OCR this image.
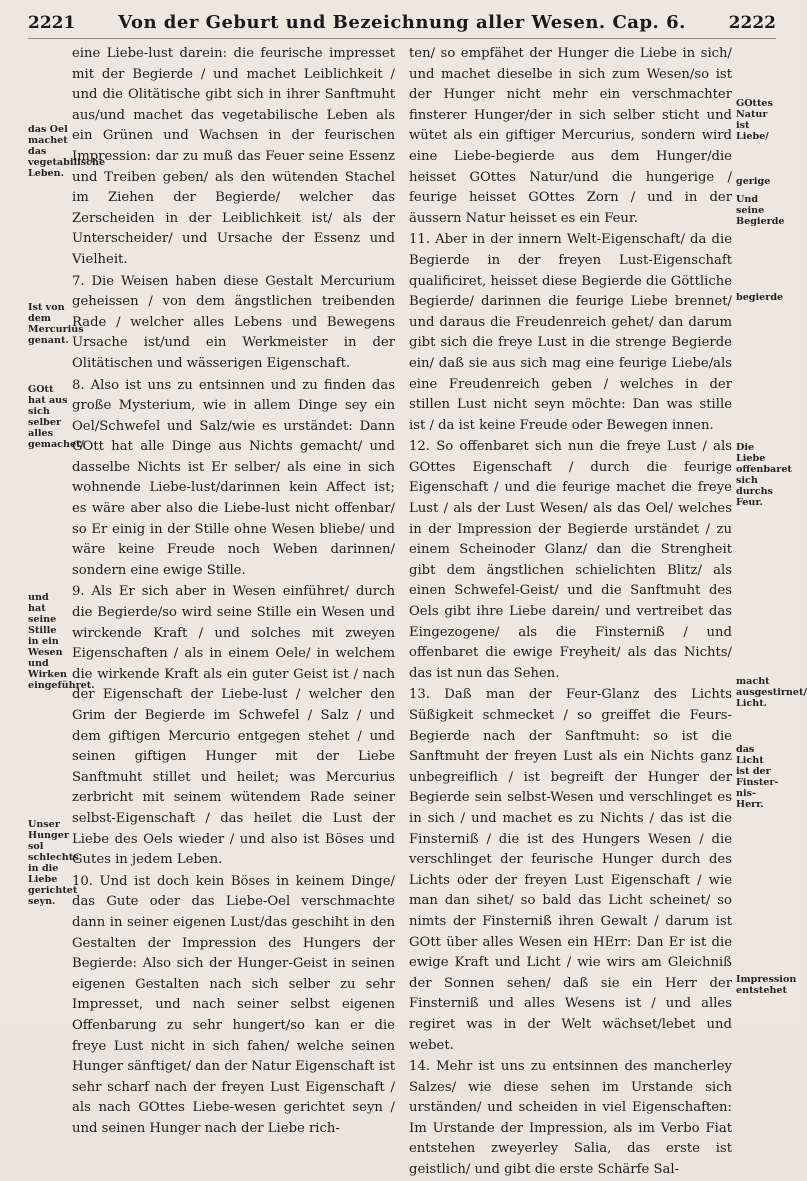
2221 Von der Geburt und Bezeichnung aller Wesen. Cap. 6.	2222

eine Liebe-lust darein: die feurische impresset mit der Begierde / und machet Leiblichkeit / und die Olitätische gibt sich in ihrer Sanftmuht aus/und machet das vegetabilische Leben als ein Grünen und Wachsen in der feurischen Impression: dar zu muß das Feuer seine Essenz und Treiben geben/ als den wütenden Stachel im Ziehen der Begierde/ welcher das Zerscheiden in der Leiblichkeit ist/ als der Unterscheider/ und Ursache der Essenz und Vielheit.

7. Die Weisen haben diese Gestalt Mercurium geheissen / von dem ängstlichen treibenden Rade / welcher alles Lebens und Bewegens Ursache ist/und ein Werkmeister in der Olitätischen und wässerigen Eigenschaft.

8. Also ist uns zu entsinnen und zu finden das große Mysterium, wie in allem Dinge sey ein Oel/Schwefel und Salz/wie es urständet: Dann GOtt hat alle Dinge aus Nichts gemacht/ und dasselbe Nichts ist Er selber/ als eine in sich wohnende Liebe-lust/darinnen kein Affect ist; es wäre aber also die Liebe-lust nicht offenbar/ so Er einig in der Stille ohne Wesen bliebe/ und wäre keine Freude noch Weben darinnen/ sondern eine ewige Stille.

9. Als Er sich aber in Wesen einführet/ durch die Begierde/so wird seine Stille ein Wesen und wirckende Kraft / und solches mit zweyen Eigenschaften / als in einem Oele/ in welchem die wirkende Kraft als ein guter Geist ist / nach der Eigenschaft der Liebe-lust / welcher den Grim der Begierde im Schwefel / Salz / und dem giftigen Mercurio entgegen stehet / und seinen giftigen Hunger mit der Liebe Sanftmuht stillet und heilet; was Mercurius zerbricht mit seinem wütendem Rade seiner selbst-Eigenschaft / das heilet die Lust der Liebe des Oels wieder / und also ist Böses und Gutes in jedem Leben.

10. Und ist doch kein Böses in keinem Dinge/ das Gute oder das Liebe-Oel verschmachte dann in seiner eigenen Lust/das geschiht in den Gestalten der Impression des Hungers der Begierde: Also sich der Hunger-Geist in seinen eigenen Gestalten nach sich selber zu sehr Impresset, und nach seiner selbst eigenen Offenbarung zu sehr hungert/so kan er die freye Lust nicht in sich fahen/ welche seinen Hunger sänftiget/ dan der Natur Eigenschaft ist sehr scharf nach der freyen Lust Eigenschaft / als nach GOttes Liebe-wesen gerichtet seyn / und seinen Hunger nach der Liebe rich-

das Oel machet das vegetabilische Leben.
Ist von dem Mercurius genant.
GOtt hat aus sich selber alles gemachet/
und hat seine Stille in ein Wesen und Wirken eingeführet.
Unser Hunger sol schlechts in die Liebe gerichtet seyn.

ten/ so empfähet der Hunger die Liebe in sich/ und machet dieselbe in sich zum Wesen/so ist der Hunger nicht mehr ein verschmachter finsterer Hunger/der in sich selber sticht und wütet als ein giftiger Mercurius, sondern wird eine Liebe-begierde aus dem Hunger/die heisset GOttes Natur/und die hungerige / feurige heisset GOttes Zorn / und in der äussern Natur heisset es ein Feur.

11. Aber in der innern Welt-Eigenschaft/ da die Begierde in der freyen Lust-Eigenschaft qualificiret, heisset diese Begierde die Göttliche Begierde/ darinnen die feurige Liebe brennet/ und daraus die Freudenreich gehet/ dan darum gibt sich die freye Lust in die strenge Begierde ein/ daß sie aus sich mag eine feurige Liebe/als eine Freudenreich geben / welches in der stillen Lust nicht seyn möchte: Dan was stille ist / da ist keine Freude oder Bewegen innen.

12. So offenbaret sich nun die freye Lust / als GOttes Eigenschaft / durch die feurige Eigenschaft / und die feurige machet die freye Lust / als der Lust Wesen/ als das Oel/ welches in der Impression der Begierde urständet / zu einem Scheinoder Glanz/ dan die Strengheit gibt dem ängstlichen schielichten Blitz/ als einen Schwefel-Geist/ und die Sanftmuht des Oels gibt ihre Liebe darein/ und vertreibet das Eingezogene/ als die Finsterniß / und offenbaret die ewige Freyheit/ als das Nichts/ das ist nun das Sehen.

13. Daß man der Feur-Glanz des Lichts Süßigkeit schmecket / so greiffet die Feurs-Begierde nach der Sanftmuht: so ist die Sanftmuht der freyen Lust als ein Nichts ganz unbegreiflich / ist begreift der Hunger der Begierde sein selbst-Wesen und verschlinget es in sich / und machet es zu Nichts / das ist die Finsterniß / die ist des Hungers Wesen / die verschlinget der feurische Hunger durch des Lichts oder der freyen Lust Eigenschaft / wie man dan sihet/ so bald das Licht scheinet/ so nimts der Finsterniß ihren Gewalt / darum ist GOtt über alles Wesen ein HErr: Dan Er ist die ewige Kraft und Licht / wie wirs am Gleichniß der Sonnen sehen/ daß sie ein Herr der Finsterniß und alles Wesens ist / und alles regiret was in der Welt wächset/lebet und webet.

14. Mehr ist uns zu entsinnen des mancherley Salzes/ wie diese sehen im Urstande sich urständen/ und scheiden in viel Eigenschaften: Im Urstande der Impression, als im Verbo Fiat entstehen zweyerley Salia, das erste ist geistlich/ und gibt die erste Schärfe Sal-

GOttes Natur ist Liebe/
gerige
Und seine Begierde
begierde
Die Liebe offenbaret sich durchs Feur.
macht ausgestirnet/ Licht.
das Licht ist der Finster-nis-Herr.
Impression entstehet
